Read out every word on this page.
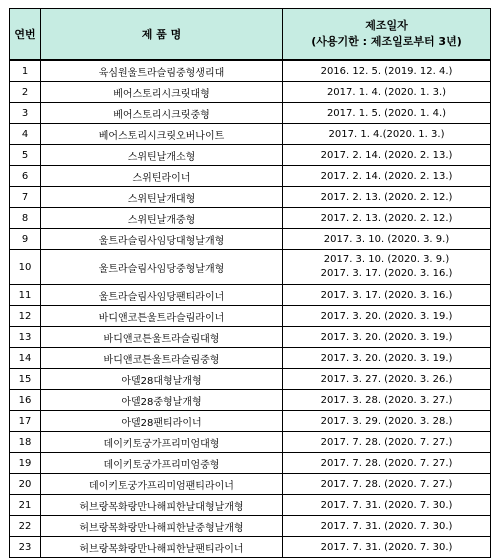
연번	제 품 명	제조일자
(사용기한 : 제조일로부터 3년)

1	육심원울트라슬림중형생리대	2016. 12. 5. (2019. 12. 4.)
2	베어스토리시크릿대형	2017. 1. 4. (2020. 1. 3.)
3	베어스토리시크릿중형	2017. 1. 5. (2020. 1. 4.)
4	베어스토리시크릿오버나이트	2017. 1. 4.(2020. 1. 3.)
5	스위틴날개소형	2017. 2. 14. (2020. 2. 13.)
6	스위틴라이너	2017. 2. 14. (2020. 2. 13.)
7	스위틴날개대형	2017. 2. 13. (2020. 2. 12.)
8	스위틴날개중형	2017. 2. 13. (2020. 2. 12.)
9	울트라슬림사임당대형날개형	2017. 3. 10. (2020. 3. 9.)
10	울트라슬림사임당중형날개형	2017. 3. 10. (2020. 3. 9.)
2017. 3. 17. (2020. 3. 16.)

11	울트라슬림사임당팬티라이너	2017. 3. 17. (2020. 3. 16.)
12	바디앤코튼울트라슬림라이너	2017. 3. 20. (2020. 3. 19.)
13	바디앤코튼울트라슬림대형	2017. 3. 20. (2020. 3. 19.)
14	바디앤코튼울트라슬림중형	2017. 3. 20. (2020. 3. 19.)
15	아델28대형날개형	2017. 3. 27. (2020. 3. 26.)
16	아델28중형날개형	2017. 3. 28. (2020. 3. 27.)
17	아델28팬티라이너	2017. 3. 29. (2020. 3. 28.)
18	데이키토궁가프리미엄대형	2017. 7. 28. (2020. 7. 27.)
19	데이키토궁가프리미엄중형	2017. 7. 28. (2020. 7. 27.)
20	데이키토궁가프리미엄팬티라이너	2017. 7. 28. (2020. 7. 27.)
21	허브랑목화랑만나해피한날대형날개형	2017. 7. 31. (2020. 7. 30.)
22	허브랑목화랑만나해피한날중형날개형	2017. 7. 31. (2020. 7. 30.)
23	허브랑목화랑만나해피한날팬티라이너	2017. 7. 31. (2020. 7. 30.)
